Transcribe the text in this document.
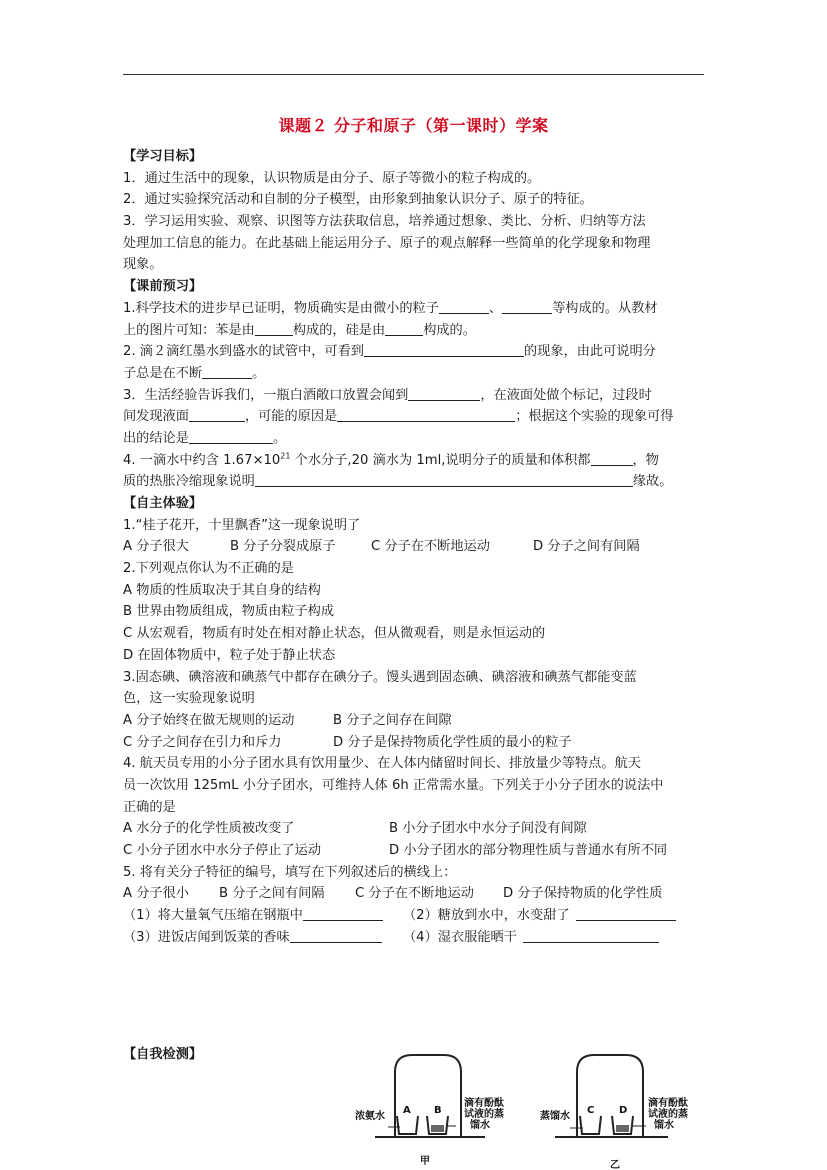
课题２ 分子和原子（第一课时）学案
【学习目标】
1．通过生活中的现象，认识物质是由分子、原子等微小的粒子构成的。
2．通过实验探究活动和自制的分子模型，由形象到抽象认识分子、原子的特征。
3．学习运用实验、观察、识图等方法获取信息，培养通过想象、类比、分析、归纳等方法
处理加工信息的能力。在此基础上能运用分子、原子的观点解释一些简单的化学现象和物理
现象。
【课前预习】
1.科学技术的进步早已证明，物质确实是由微小的粒子	、	等构成的。从教材
上的图片可知：苯是由	构成的，硅是由	构成的。
2. 滴２滴红墨水到盛水的试管中，可看到	的现象，由此可说明分
子总是在不断	。
3．生活经验告诉我们，一瓶白酒敞口放置会闻到	，在液面处做个标记，过段时
间发现液面	，可能的原因是	；根据这个实验的现象可得
出的结论是	。
4. 一滴水中约含 $1.67\times 10^{21}$ 个水分子,20 滴水为 1ml,说明分子的质量和体积都	，物
质的热胀冷缩现象说明	缘故。
【自主体验】
1.“桂子花开，十里飘香”这一现象说明了
A 分子很大	B 分子分裂成原子	C 分子在不断地运动	D 分子之间有间隔
2.下列观点你认为不正确的是
A 物质的性质取决于其自身的结构
B 世界由物质组成，物质由粒子构成
C 从宏观看，物质有时处在相对静止状态，但从微观看，则是永恒运动的
D 在固体物质中，粒子处于静止状态
3.固态碘、碘溶液和碘蒸气中都存在碘分子。馒头遇到固态碘、碘溶液和碘蒸气都能变蓝
色，这一实验现象说明
A 分子始终在做无规则的运动	B 分子之间存在间隙
C 分子之间存在引力和斥力	D 分子是保持物质化学性质的最小的粒子
4. 航天员专用的小分子团水具有饮用量少、在人体内储留时间长、排放量少等特点。航天
员一次饮用 125mL 小分子团水，可维持人体 6h 正常需水量。下列关于小分子团水的说法中
正确的是
A 水分子的化学性质被改变了	B 小分子团水中水分子间没有间隙
C 小分子团水中水分子停止了运动	D 小分子团水的部分物理性质与普通水有所不同
5. 将有关分子特征的编号，填写在下列叙述后的横线上：
A 分子很小 B 分子之间有间隔 C 分子在不断地运动 D 分子保持物质的化学性质
（1）将大量氧气压缩在钢瓶中	（2）糖放到水中，水变甜了
（3）进饭店闻到饭菜的香味	（4）湿衣服能晒干
【自我检测】
浓氨水
A B
滴有酚酞
试液的蒸
馏水
甲
蒸馏水
C D
滴有酚酞
试液的蒸
馏水
乙
